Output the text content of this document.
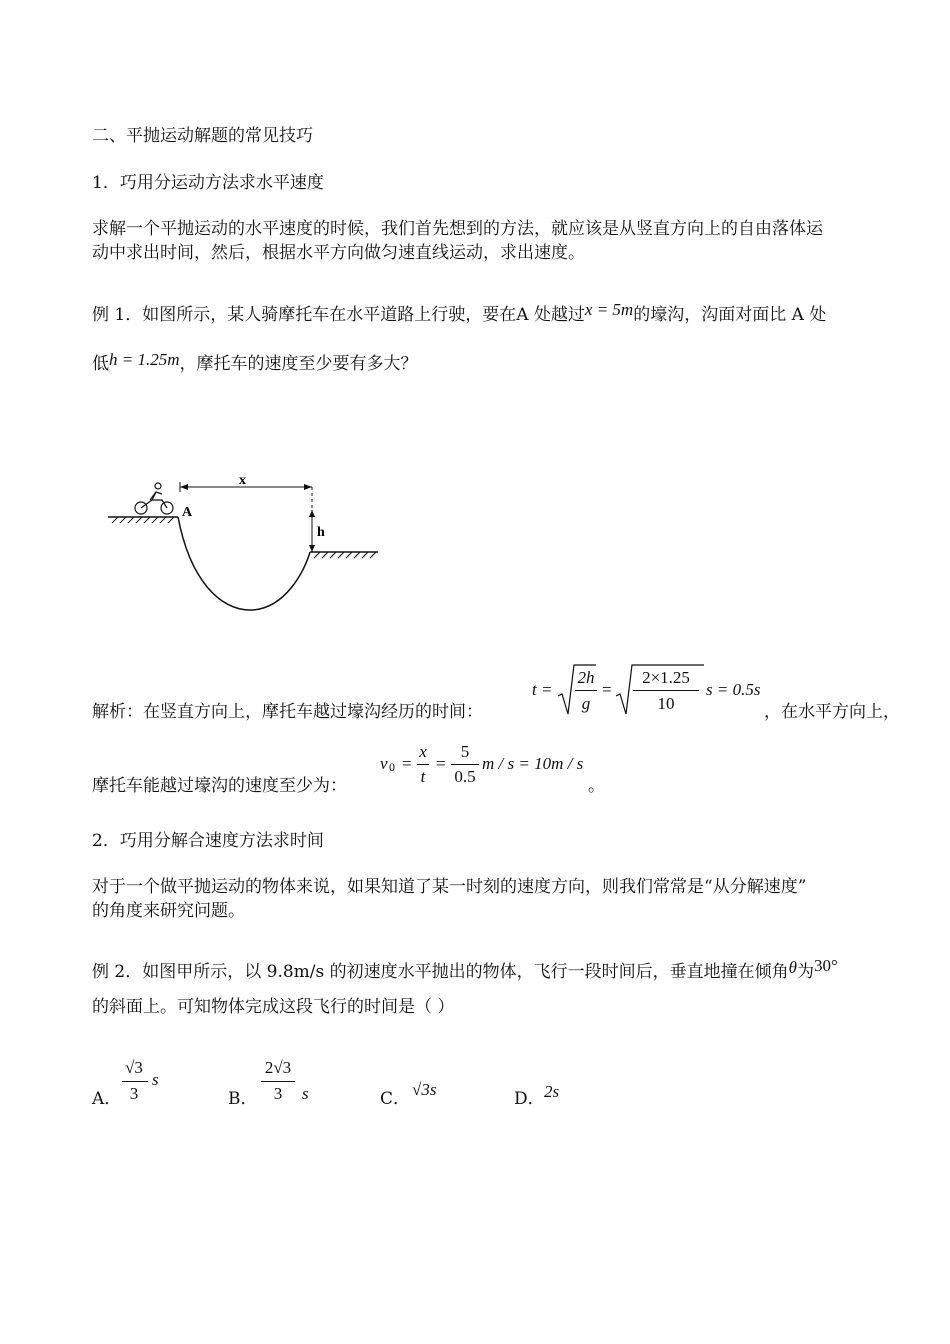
二、平抛运动解题的常见技巧
1．巧用分运动方法求水平速度
求解一个平抛运动的水平速度的时候，我们首先想到的方法，就应该是从竖直方向上的自由落体运
动中求出时间，然后，根据水平方向做匀速直线运动，求出速度。
例 1．如图所示，某人骑摩托车在水平道路上行驶，要在A 处越过x = 5m的壕沟，沟面对面比 A 处
低h = 1.25m，摩托车的速度至少要有多大？
x
A
h
解析：在竖直方向上，摩托车越过壕沟经历的时间：
t =
2h
g
=
2×1.25
10
s = 0.5s
，在水平方向上，
摩托车能越过壕沟的速度至少为：
v 0 =
x
t
=
5
0.5
m / s = 10m / s
。
2．巧用分解合速度方法求时间
对于一个做平抛运动的物体来说，如果知道了某一时刻的速度方向，则我们常常是“从分解速度”
的角度来研究问题。
例 2．如图甲所示，以 9.8m/s 的初速度水平抛出的物体，飞行一段时间后，垂直地撞在倾角θ为30°
的斜面上。可知物体完成这段飞行的时间是（ ）
A．
√3
3
s
B．
2√3
3	s	C． √3s	D． 2s
